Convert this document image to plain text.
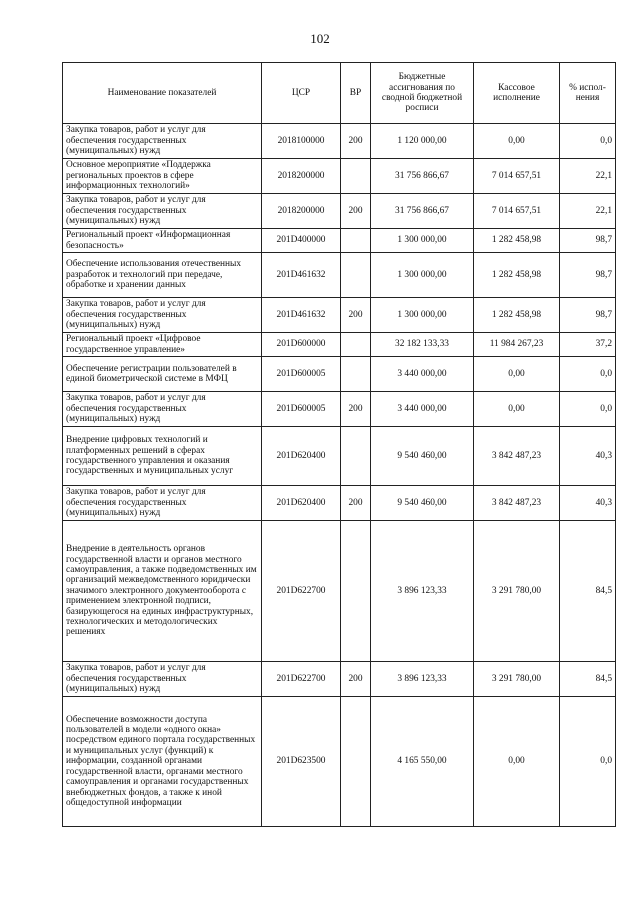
102
Наименование показателей	ЦСР	ВР	Бюджетные ассигнования по сводной бюджетной росписи	Кассовое исполнение	% испол-нения
Закупка товаров, работ и услуг для обеспечения государственных (муниципальных) нужд	2018100000	200	1 120 000,00	0,00	0,0
Основное мероприятие «Поддержка региональных проектов в сфере информационных технологий»	2018200000		31 756 866,67	7 014 657,51	22,1
Закупка товаров, работ и услуг для обеспечения государственных (муниципальных) нужд	2018200000	200	31 756 866,67	7 014 657,51	22,1
Региональный проект «Информационная безопасность»	201D400000		1 300 000,00	1 282 458,98	98,7
Обеспечение использования отечественных разработок и технологий при передаче, обработке и хранении данных	201D461632		1 300 000,00	1 282 458,98	98,7
Закупка товаров, работ и услуг для обеспечения государственных (муниципальных) нужд	201D461632	200	1 300 000,00	1 282 458,98	98,7
Региональный проект «Цифровое государственное управление»	201D600000		32 182 133,33	11 984 267,23	37,2
Обеспечение регистрации пользователей в единой биометрической системе в МФЦ	201D600005		3 440 000,00	0,00	0,0
Закупка товаров, работ и услуг для обеспечения государственных (муниципальных) нужд	201D600005	200	3 440 000,00	0,00	0,0
Внедрение цифровых технологий и платформенных решений в сферах государственного управления и оказания государственных и муниципальных услуг	201D620400		9 540 460,00	3 842 487,23	40,3
Закупка товаров, работ и услуг для обеспечения государственных (муниципальных) нужд	201D620400	200	9 540 460,00	3 842 487,23	40,3
Внедрение в деятельность органов государственной власти и органов местного самоуправления, а также подведомственных им организаций межведомственного юридически значимого электронного документооборота с применением электронной подписи, базирующегося на единых инфраструктурных, технологических и методологических решениях	201D622700		3 896 123,33	3 291 780,00	84,5
Закупка товаров, работ и услуг для обеспечения государственных (муниципальных) нужд	201D622700	200	3 896 123,33	3 291 780,00	84,5
Обеспечение возможности доступа пользователей в модели «одного окна» посредством единого портала государственных и муниципальных услуг (функций) к информации, созданной органами государственной власти, органами местного самоуправления и органами государственных внебюджетных фондов, а также к иной общедоступной информации	201D623500		4 165 550,00	0,00	0,0
